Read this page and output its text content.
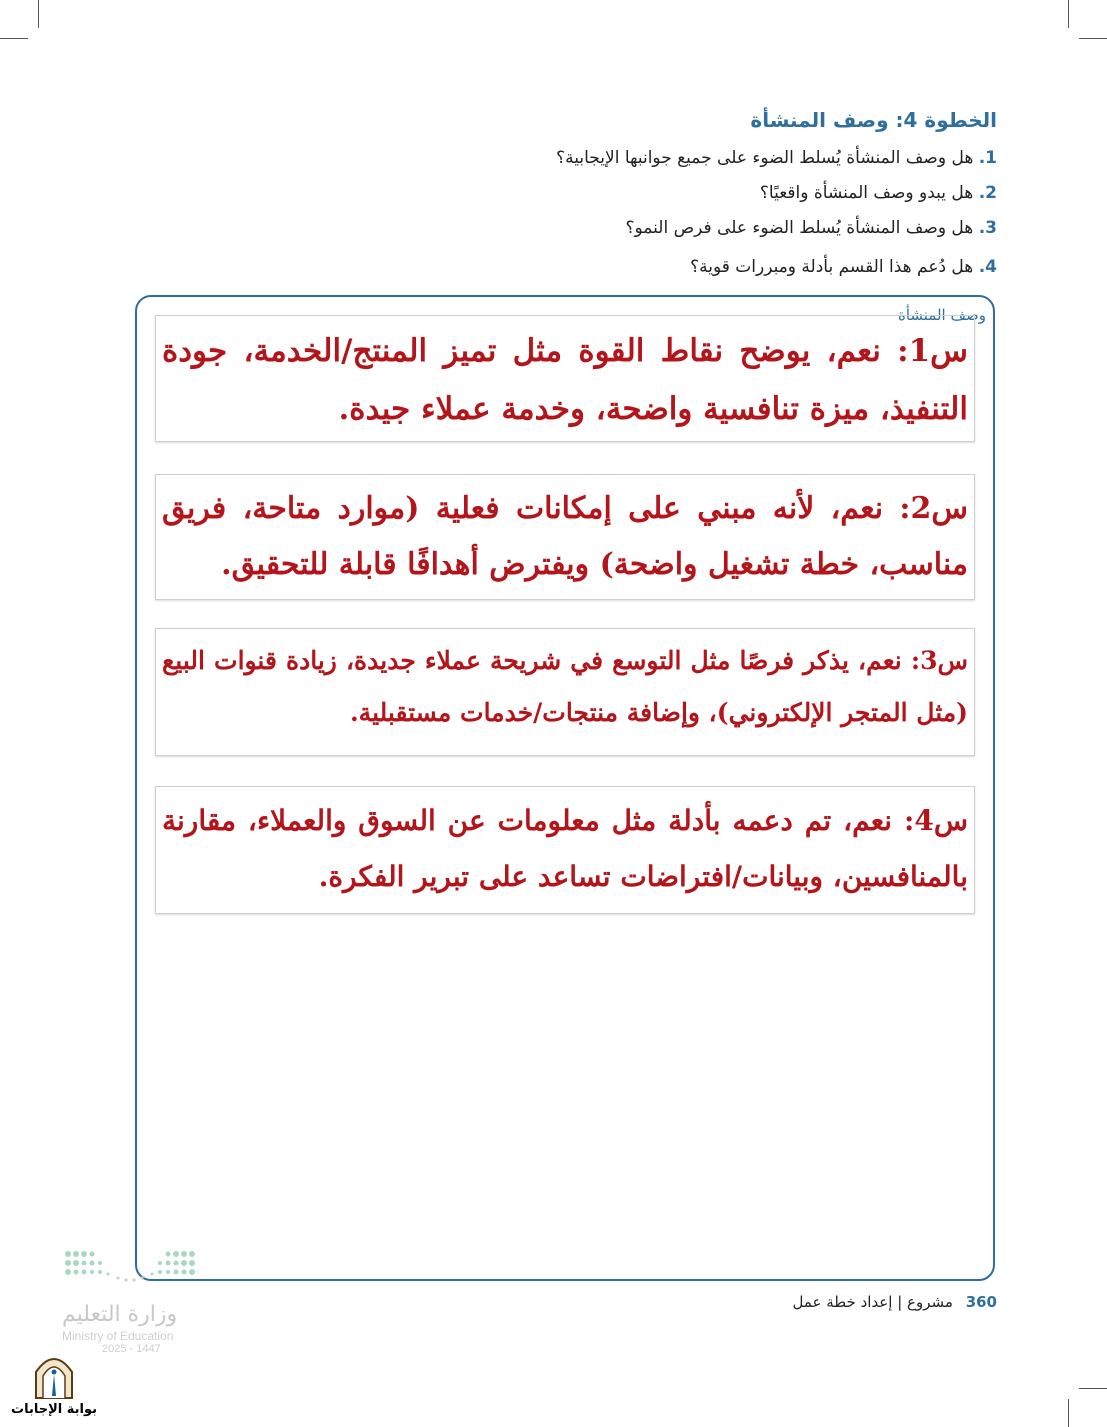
الخطوة 4: وصف المنشأة
1. هل وصف المنشأة يُسلط الضوء على جميع جوانبها الإيجابية؟
2. هل يبدو وصف المنشأة واقعيًا؟
3. هل وصف المنشأة يُسلط الضوء على فرص النمو؟
4. هل دُعم هذا القسم بأدلة ومبررات قوية؟
وصف المنشأة
س1: نعم، يوضح نقاط القوة مثل تميز المنتج/الخدمة، جودة التنفيذ، ميزة تنافسية واضحة، وخدمة عملاء جيدة.
س2: نعم، لأنه مبني على إمكانات فعلية (موارد متاحة، فريق مناسب، خطة تشغيل واضحة) ويفترض أهدافًا قابلة للتحقيق.
س3: نعم، يذكر فرصًا مثل التوسع في شريحة عملاء جديدة، زيادة قنوات البيع (مثل المتجر الإلكتروني)، وإضافة منتجات/خدمات مستقبلية.
س4: نعم، تم دعمه بأدلة مثل معلومات عن السوق والعملاء، مقارنة بالمنافسين، وبيانات/افتراضات تساعد على تبرير الفكرة.
360 مشروع | إعداد خطة عمل
وزارة التعليم
Ministry of Education
2025 - 1447
بوابة الإجابات
